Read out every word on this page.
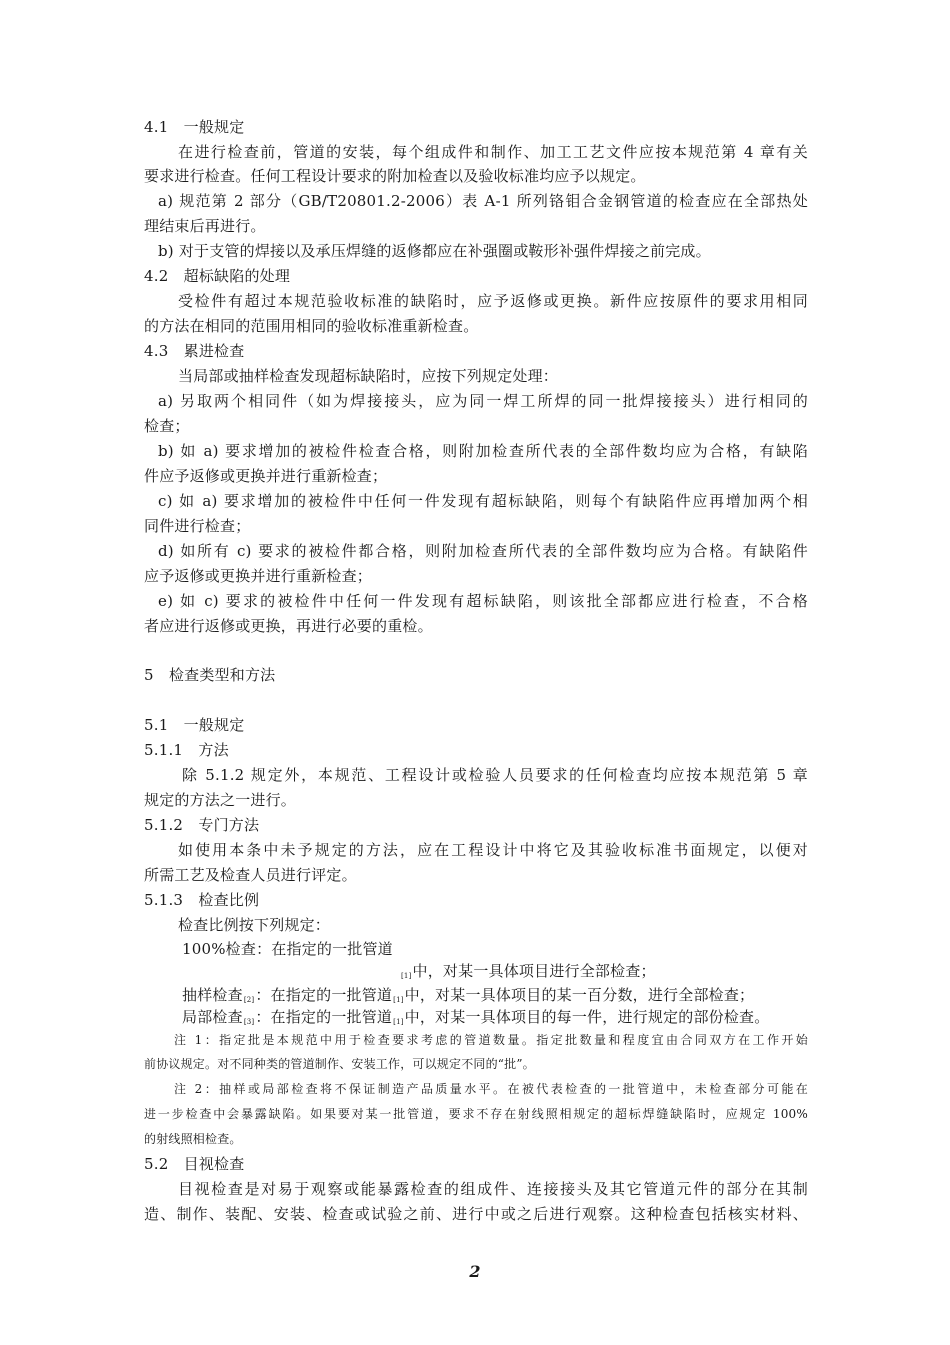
4.1　一般规定
在进行检查前，管道的安装，每个组成件和制作、加工工艺文件应按本规范第 4 章有关
要求进行检查。任何工程设计要求的附加检查以及验收标准均应予以规定。
a) 规范第 2 部分（GB/T20801.2-2006）表 A-1 所列铬钼合金钢管道的检查应在全部热处
理结束后再进行。
b) 对于支管的焊接以及承压焊缝的返修都应在补强圈或鞍形补强件焊接之前完成。
4.2　超标缺陷的处理
受检件有超过本规范验收标准的缺陷时，应予返修或更换。新件应按原件的要求用相同
的方法在相同的范围用相同的验收标准重新检查。
4.3　累进检查
当局部或抽样检查发现超标缺陷时，应按下列规定处理：
a) 另取两个相同件（如为焊接接头，应为同一焊工所焊的同一批焊接接头）进行相同的
检查；
b) 如 a) 要求增加的被检件检查合格，则附加检查所代表的全部件数均应为合格，有缺陷
件应予返修或更换并进行重新检查；
c) 如 a) 要求增加的被检件中任何一件发现有超标缺陷，则每个有缺陷件应再增加两个相
同件进行检查；
d) 如所有 c) 要求的被检件都合格，则附加检查所代表的全部件数均应为合格。有缺陷件
应予返修或更换并进行重新检查；
e) 如 c) 要求的被检件中任何一件发现有超标缺陷，则该批全部都应进行检查，不合格
者应进行返修或更换，再进行必要的重检。
5　检查类型和方法
5.1　一般规定
5.1.1　方法
除 5.1.2 规定外，本规范、工程设计或检验人员要求的任何检查均应按本规范第 5 章
规定的方法之一进行。
5.1.2　专门方法
如使用本条中未予规定的方法，应在工程设计中将它及其验收标准书面规定，以便对
所需工艺及检查人员进行评定。
5.1.3　检查比例
检查比例按下列规定：
100%检查：在指定的一批管道
[1]中，对某一具体项目进行全部检查；
抽样检查[2]：在指定的一批管道[1]中，对某一具体项目的某一百分数，进行全部检查；
局部检查[3]：在指定的一批管道[1]中，对某一具体项目的每一件，进行规定的部份检查。
注 1：指定批是本规范中用于检查要求考虑的管道数量。指定批数量和程度宜由合同双方在工作开始
前协议规定。对不同种类的管道制作、安装工作，可以规定不同的“批”。
注 2：抽样或局部检查将不保证制造产品质量水平。在被代表检查的一批管道中，未检查部分可能在
进一步检查中会暴露缺陷。如果要对某一批管道，要求不存在射线照相规定的超标焊缝缺陷时，应规定 100%
的射线照相检查。
5.2　目视检查
目视检查是对易于观察或能暴露检查的组成件、连接接头及其它管道元件的部分在其制
造、制作、装配、安装、检查或试验之前、进行中或之后进行观察。这种检查包括核实材料、
2
